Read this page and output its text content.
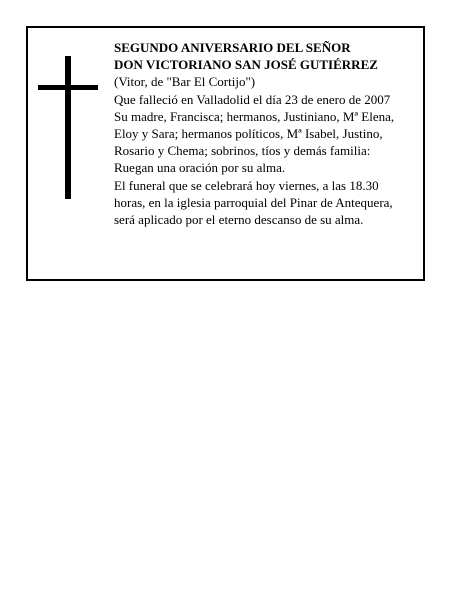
SEGUNDO ANIVERSARIO DEL SEÑOR
DON VICTORIANO SAN JOSÉ GUTIÉRREZ
(Vitor, de "Bar El Cortijo")
Que falleció en Valladolid el día 23 de enero de 2007
Su madre, Francisca; hermanos, Justiniano, Mª Elena,
Eloy y Sara; hermanos políticos, Mª Isabel, Justino,
Rosario y Chema; sobrinos, tíos y demás familia:
Ruegan una oración por su alma.
El funeral que se celebrará hoy viernes, a las 18.30
horas, en la iglesia parroquial del Pinar de Antequera,
será aplicado por el eterno descanso de su alma.
